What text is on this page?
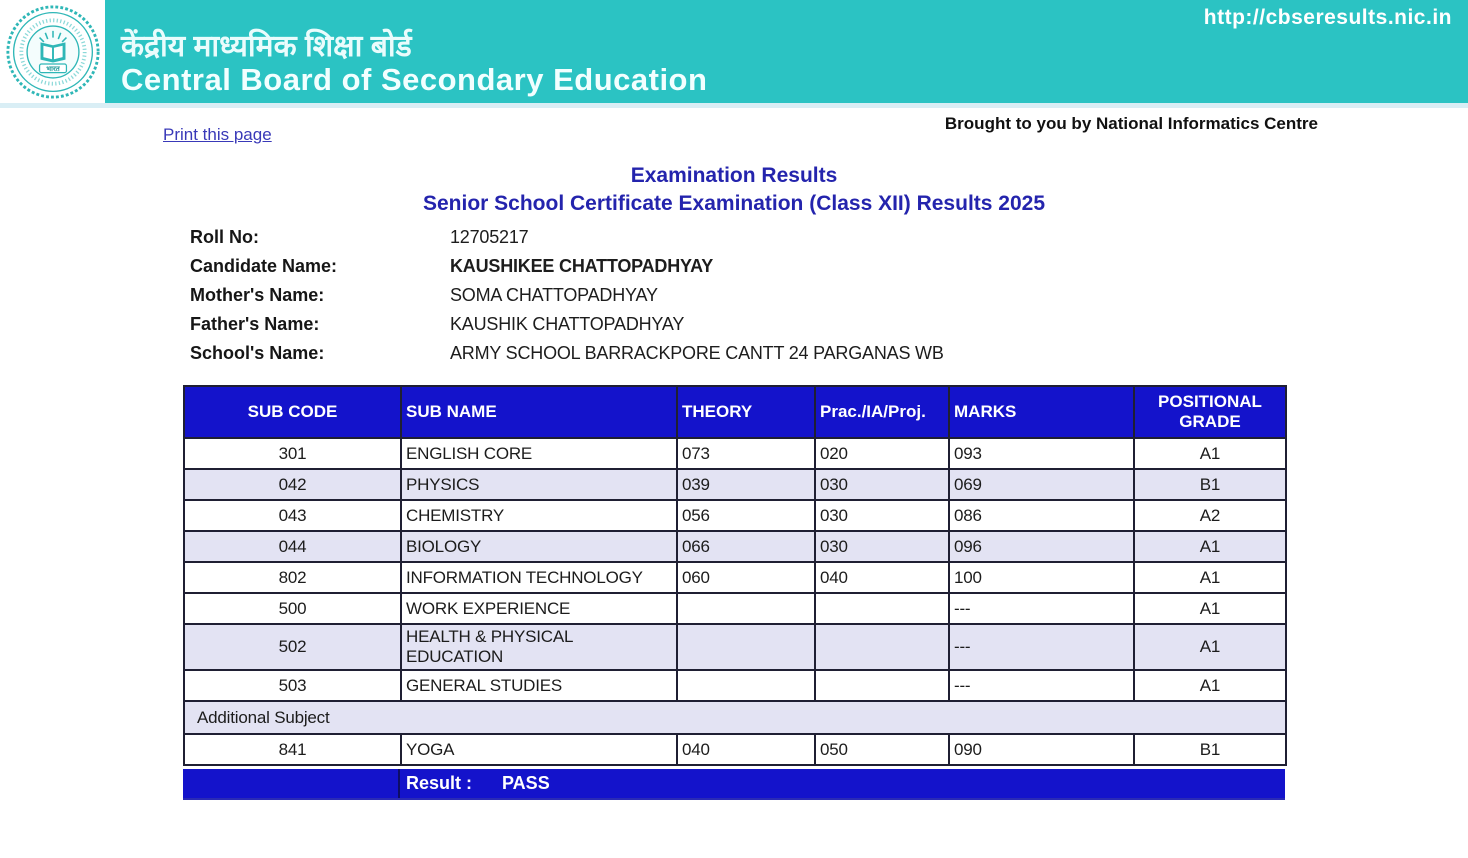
भारत
http://cbseresults.nic.in
केंद्रीय माध्यमिक शिक्षा बोर्ड
Central Board of Secondary Education
Print this page
Brought to you by National Informatics Centre
Examination Results
Senior School Certificate Examination (Class XII) Results 2025
Roll No:	12705217
Candidate Name:	KAUSHIKEE CHATTOPADHYAY
Mother's Name:	SOMA CHATTOPADHYAY
Father's Name:	KAUSHIK CHATTOPADHYAY
School's Name:	ARMY SCHOOL BARRACKPORE CANTT 24 PARGANAS WB
SUB CODE	SUB NAME	THEORY	Prac./IA/Proj.	MARKS	POSITIONAL GRADE
301	ENGLISH CORE	073	020	093	A1
042	PHYSICS	039	030	069	B1
043	CHEMISTRY	056	030	086	A2
044	BIOLOGY	066	030	096	A1
802	INFORMATION TECHNOLOGY	060	040	100	A1
500	WORK EXPERIENCE			---	A1
502	HEALTH & PHYSICAL EDUCATION			---	A1
503	GENERAL STUDIES			---	A1
Additional Subject					
841	YOGA	040	050	090	B1
Result : PASS
